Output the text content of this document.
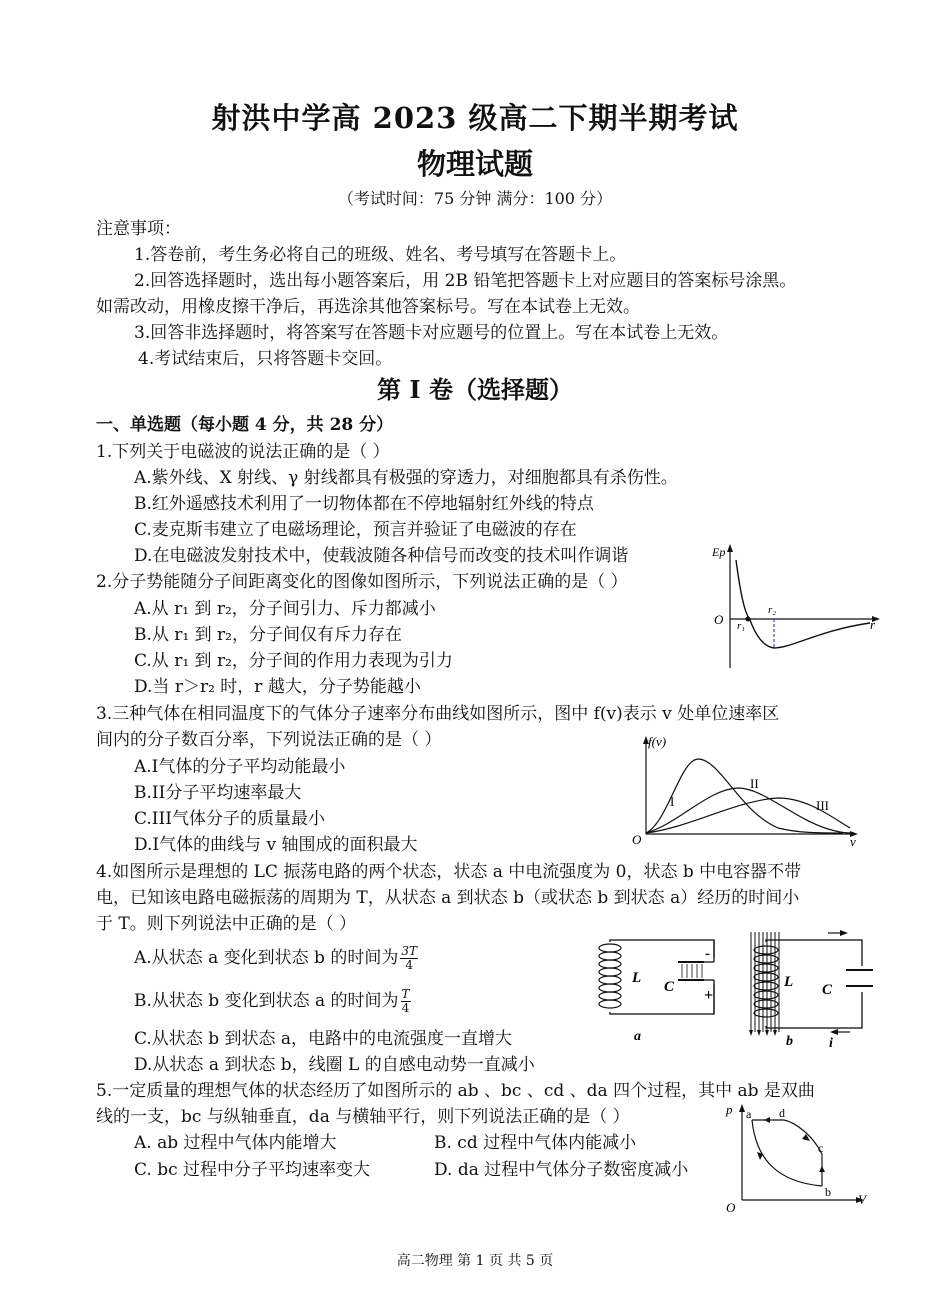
射洪中学高 2023 级高二下期半期考试
物理试题
（考试时间：75 分钟 满分：100 分）
注意事项：
1.答卷前，考生务必将自己的班级、姓名、考号填写在答题卡上。
2.回答选择题时，选出每小题答案后，用 2B 铅笔把答题卡上对应题目的答案标号涂黑。
如需改动，用橡皮擦干净后，再选涂其他答案标号。写在本试卷上无效。
3.回答非选择题时，将答案写在答题卡对应题号的位置上。写在本试卷上无效。
4.考试结束后，只将答题卡交回。
第 I 卷（选择题）
一、单选题（每小题 4 分，共 28 分）
1.下列关于电磁波的说法正确的是（ ）
A.紫外线、X 射线、γ 射线都具有极强的穿透力，对细胞都具有杀伤性。
B.红外遥感技术利用了一切物体都在不停地辐射红外线的特点
C.麦克斯韦建立了电磁场理论，预言并验证了电磁波的存在
D.在电磁波发射技术中，使载波随各种信号而改变的技术叫作调谐
2.分子势能随分子间距离变化的图像如图所示，下列说法正确的是（ ）
A.从 r₁ 到 r₂，分子间引力、斥力都减小
B.从 r₁ 到 r₂，分子间仅有斥力存在
C.从 r₁ 到 r₂，分子间的作用力表现为引力
D.当 r＞r₂ 时，r 越大，分子势能越小
Ep
O r₁
r₂
r
3.三种气体在相同温度下的气体分子速率分布曲线如图所示，图中 f(v)表示 v 处单位速率区
间内的分子数百分率，下列说法正确的是（ ）
A.I气体的分子平均动能最小
B.II分子平均速率最大
C.III气体分子的质量最小
D.I气体的曲线与 v 轴围成的面积最大
f(v)
O	v
I
II
III
4.如图所示是理想的 LC 振荡电路的两个状态，状态 a 中电流强度为 0，状态 b 中电容器不带
电，已知该电路电磁振荡的周期为 T，从状态 a 到状态 b（或状态 b 到状态 a）经历的时间小
于 T。则下列说法中正确的是（ ）
A.从状态 a 变化到状态 b 的时间为 $\frac{3T}{4}$
B.从状态 b 变化到状态 a 的时间为 $\frac{T}{4}$
C.从状态 b 到状态 a，电路中的电流强度一直增大
D.从状态 a 到状态 b，线圈 L 的自感电动势一直减小
L
C
-
+
a
L C
b	i
5.一定质量的理想气体的状态经历了如图所示的 ab 、bc 、cd 、da 四个过程，其中 ab 是双曲
线的一支，bc 与纵轴垂直，da 与横轴平行，则下列说法正确的是（ ）
A. ab 过程中气体内能增大	B. cd 过程中气体内能减小
C. bc 过程中分子平均速率变大	D. da 过程中气体分子数密度减小
p
O
V
a
b
c
d
高二物理 第 1 页 共 5 页
